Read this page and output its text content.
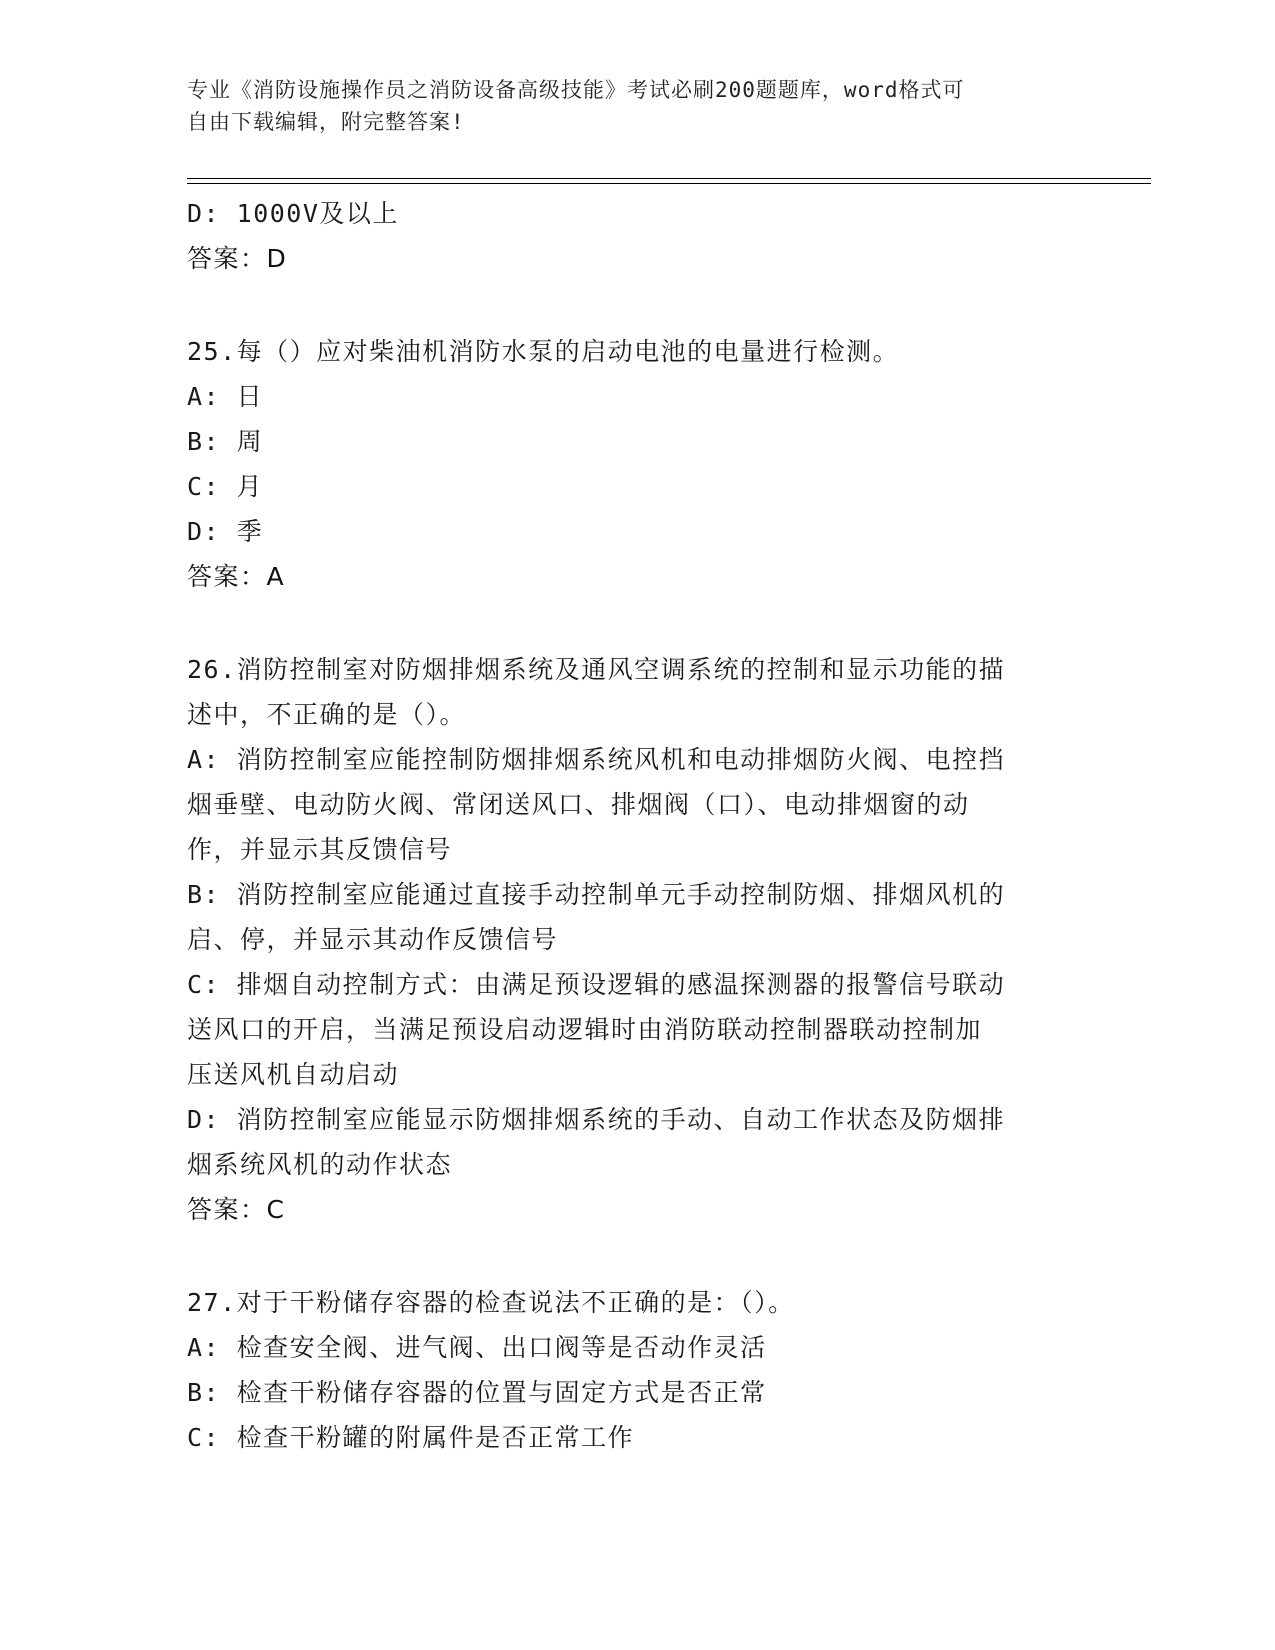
专业《消防设施操作员之消防设备高级技能》考试必刷200题题库，word格式可
自由下载编辑，附完整答案!
D: 1000V及以上
答案：D
25.每（）应对柴油机消防水泵的启动电池的电量进行检测。
A: 日
B: 周
C: 月
D: 季
答案：A
26.消防控制室对防烟排烟系统及通风空调系统的控制和显示功能的描
述中，不正确的是（）。
A: 消防控制室应能控制防烟排烟系统风机和电动排烟防火阀、电控挡
烟垂壁、电动防火阀、常闭送风口、排烟阀（口）、电动排烟窗的动
作，并显示其反馈信号
B: 消防控制室应能通过直接手动控制单元手动控制防烟、排烟风机的
启、停，并显示其动作反馈信号
C: 排烟自动控制方式：由满足预设逻辑的感温探测器的报警信号联动
送风口的开启，当满足预设启动逻辑时由消防联动控制器联动控制加
压送风机自动启动
D: 消防控制室应能显示防烟排烟系统的手动、自动工作状态及防烟排
烟系统风机的动作状态
答案：C
27.对于干粉储存容器的检查说法不正确的是：（）。
A: 检查安全阀、进气阀、出口阀等是否动作灵活
B: 检查干粉储存容器的位置与固定方式是否正常
C: 检查干粉罐的附属件是否正常工作
